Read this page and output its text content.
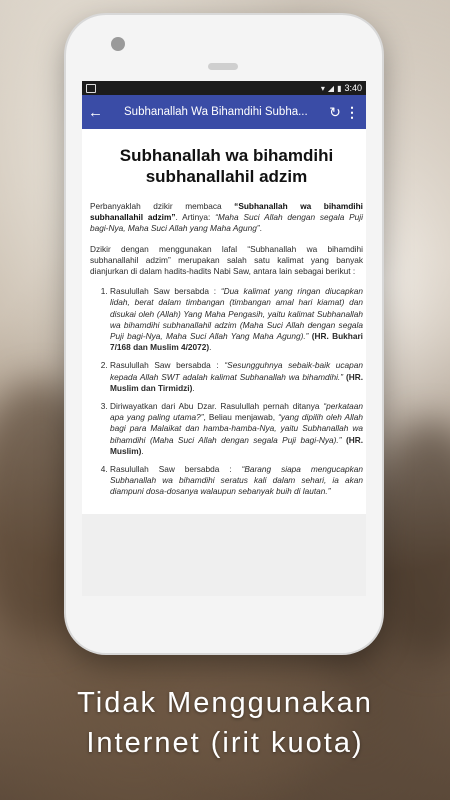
▾ ◢ ▮ 3:40
←	Subhanallah Wa Bihamdihi Subha...	↻ ⋮
Subhanallah wa bihamdihi subhanallahil adzim

Perbanyaklah dzikir membaca “Subhanallah wa bihamdihi subhanallahil adzim”. Artinya: “Maha Suci Allah dengan segala Puji bagi-Nya, Maha Suci Allah yang Maha Agung”.

Dzikir dengan menggunakan lafal “Subhanallah wa bihamdihi subhanallahil adzim” merupakan salah satu kalimat yang banyak dianjurkan di dalam hadits-hadits Nabi Saw, antara lain sebagai berikut :

1. Rasulullah Saw bersabda : “Dua kalimat yang ringan diucapkan lidah, berat dalam timbangan (timbangan amal hari kiamat) dan disukai oleh (Allah) Yang Maha Pengasih, yaitu kalimat Subhanallah wa bihamdihi subhanallahil adzim (Maha Suci Allah dengan segala Puji bagi-Nya, Maha Suci Allah Yang Maha Agung).” (HR. Bukhari 7/168 dan Muslim 4/2072).
2. Rasulullah Saw bersabda : “Sesungguhnya sebaik-baik ucapan kepada Allah SWT adalah kalimat Subhanallah wa bihamdihi.” (HR. Muslim dan Tirmidzi).
3. Diriwayatkan dari Abu Dzar. Rasulullah pernah ditanya “perkataan apa yang paling utama?”, Beliau menjawab, “yang dipilih oleh Allah bagi para Malaikat dan hamba-hamba-Nya, yaitu Subhanallah wa bihamdihi (Maha Suci Allah dengan segala Puji bagi-Nya).” (HR. Muslim).
4. Rasulullah Saw bersabda : “Barang siapa mengucapkan Subhanallah wa bihamdihi seratus kali dalam sehari, ia akan diampuni dosa-dosanya walaupun sebanyak buih di lautan.”
Tidak Menggunakan
Internet (irit kuota)
